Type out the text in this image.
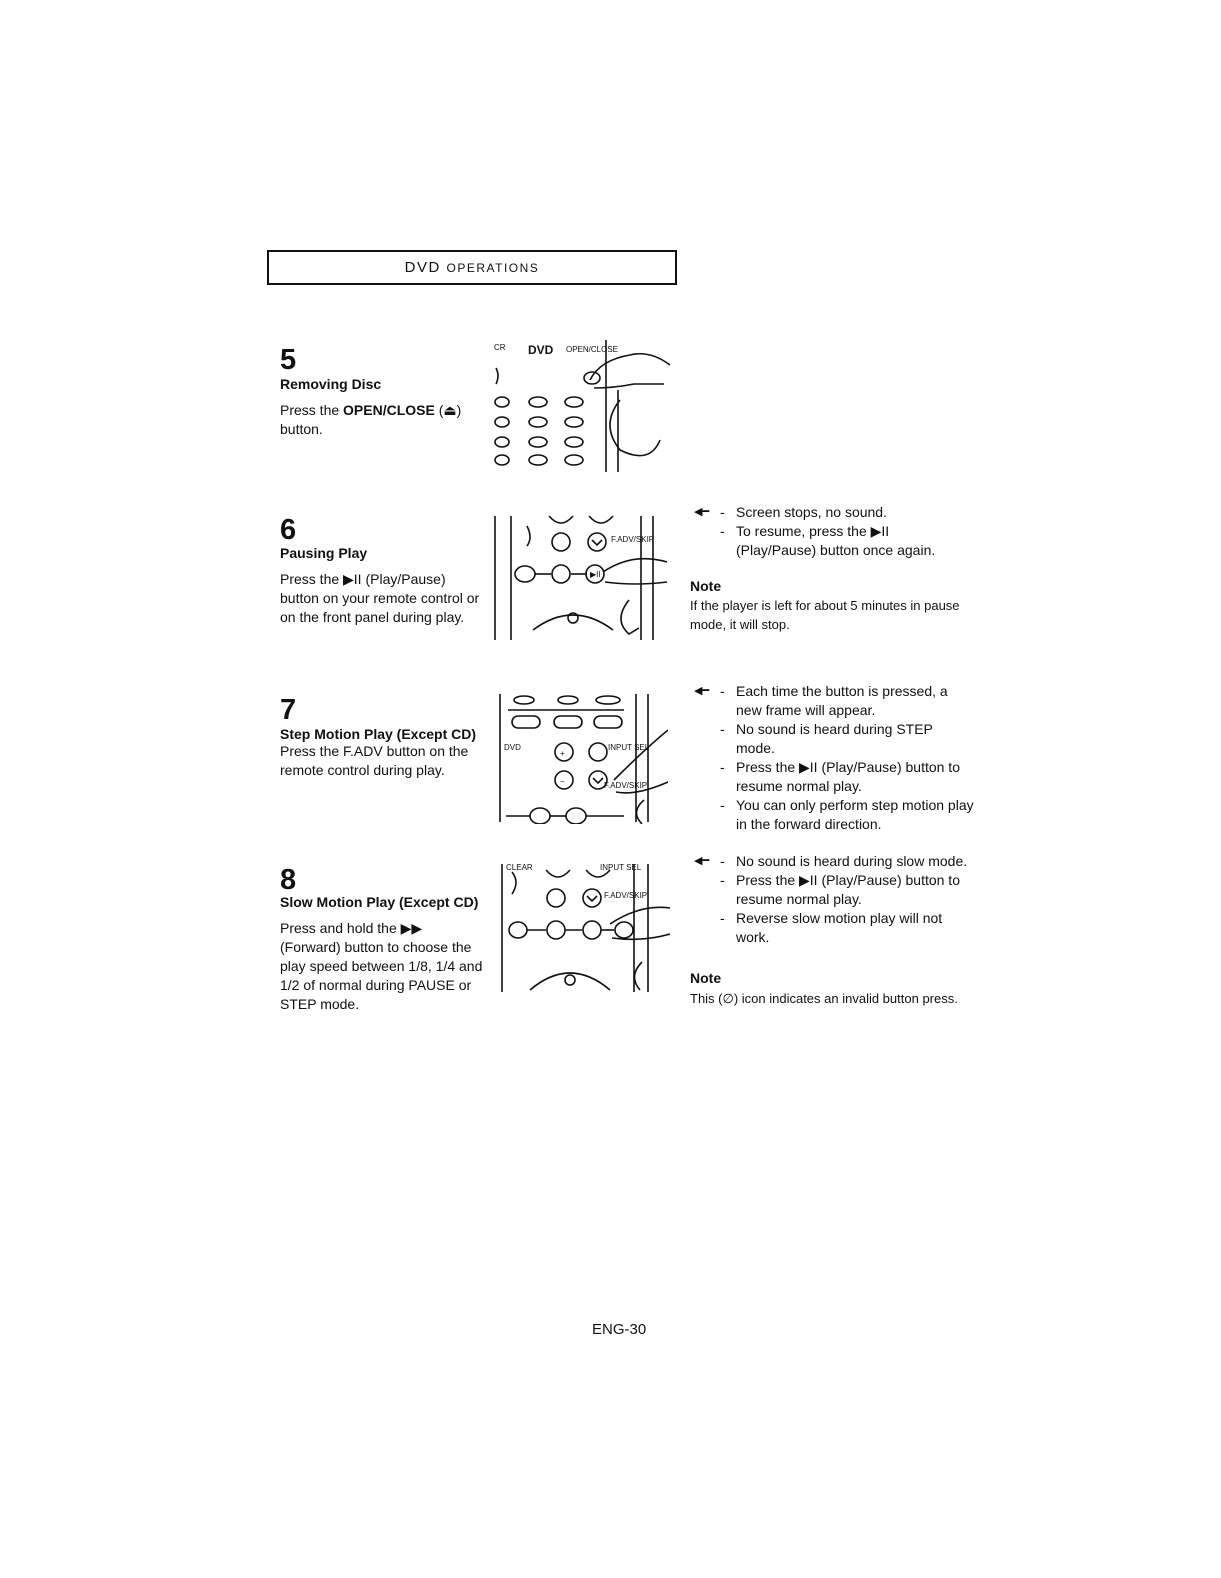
DVD OPERATIONS
5
Removing Disc
Press the OPEN/CLOSE (⏏) button.
CR DVD OPEN/CLOSE
6
Pausing Play
Press the ▶II (Play/Pause) button on your remote control or on the front panel during play.
F.ADV/SKIP
▶II
◀━ - Screen stops, no sound.
- To resume, press the ▶II (Play/Pause) button once again.
Note
If the player is left for about 5 minutes in pause mode, it will stop.
7
Step Motion Play (Except CD)
Press the F.ADV button on the remote control during play.
DVD
+
INPUT SEL
−	F.ADV/SKIP
◀━ - Each time the button is pressed, a new frame will appear.
- No sound is heard during STEP mode.
- Press the ▶II (Play/Pause) button to resume normal play.
- You can only perform step motion play in the forward direction.
8
Slow Motion Play (Except CD)
Press and hold the ▶▶ (Forward) button to choose the play speed between 1/8, 1/4 and 1/2 of normal during PAUSE or STEP mode.
CLEAR	INPUT SEL
F.ADV/SKIP
◀━ - No sound is heard during slow mode.
- Press the ▶II (Play/Pause) button to resume normal play.
- Reverse slow motion play will not work.
Note
This (∅) icon indicates an invalid button press.
ENG-30
